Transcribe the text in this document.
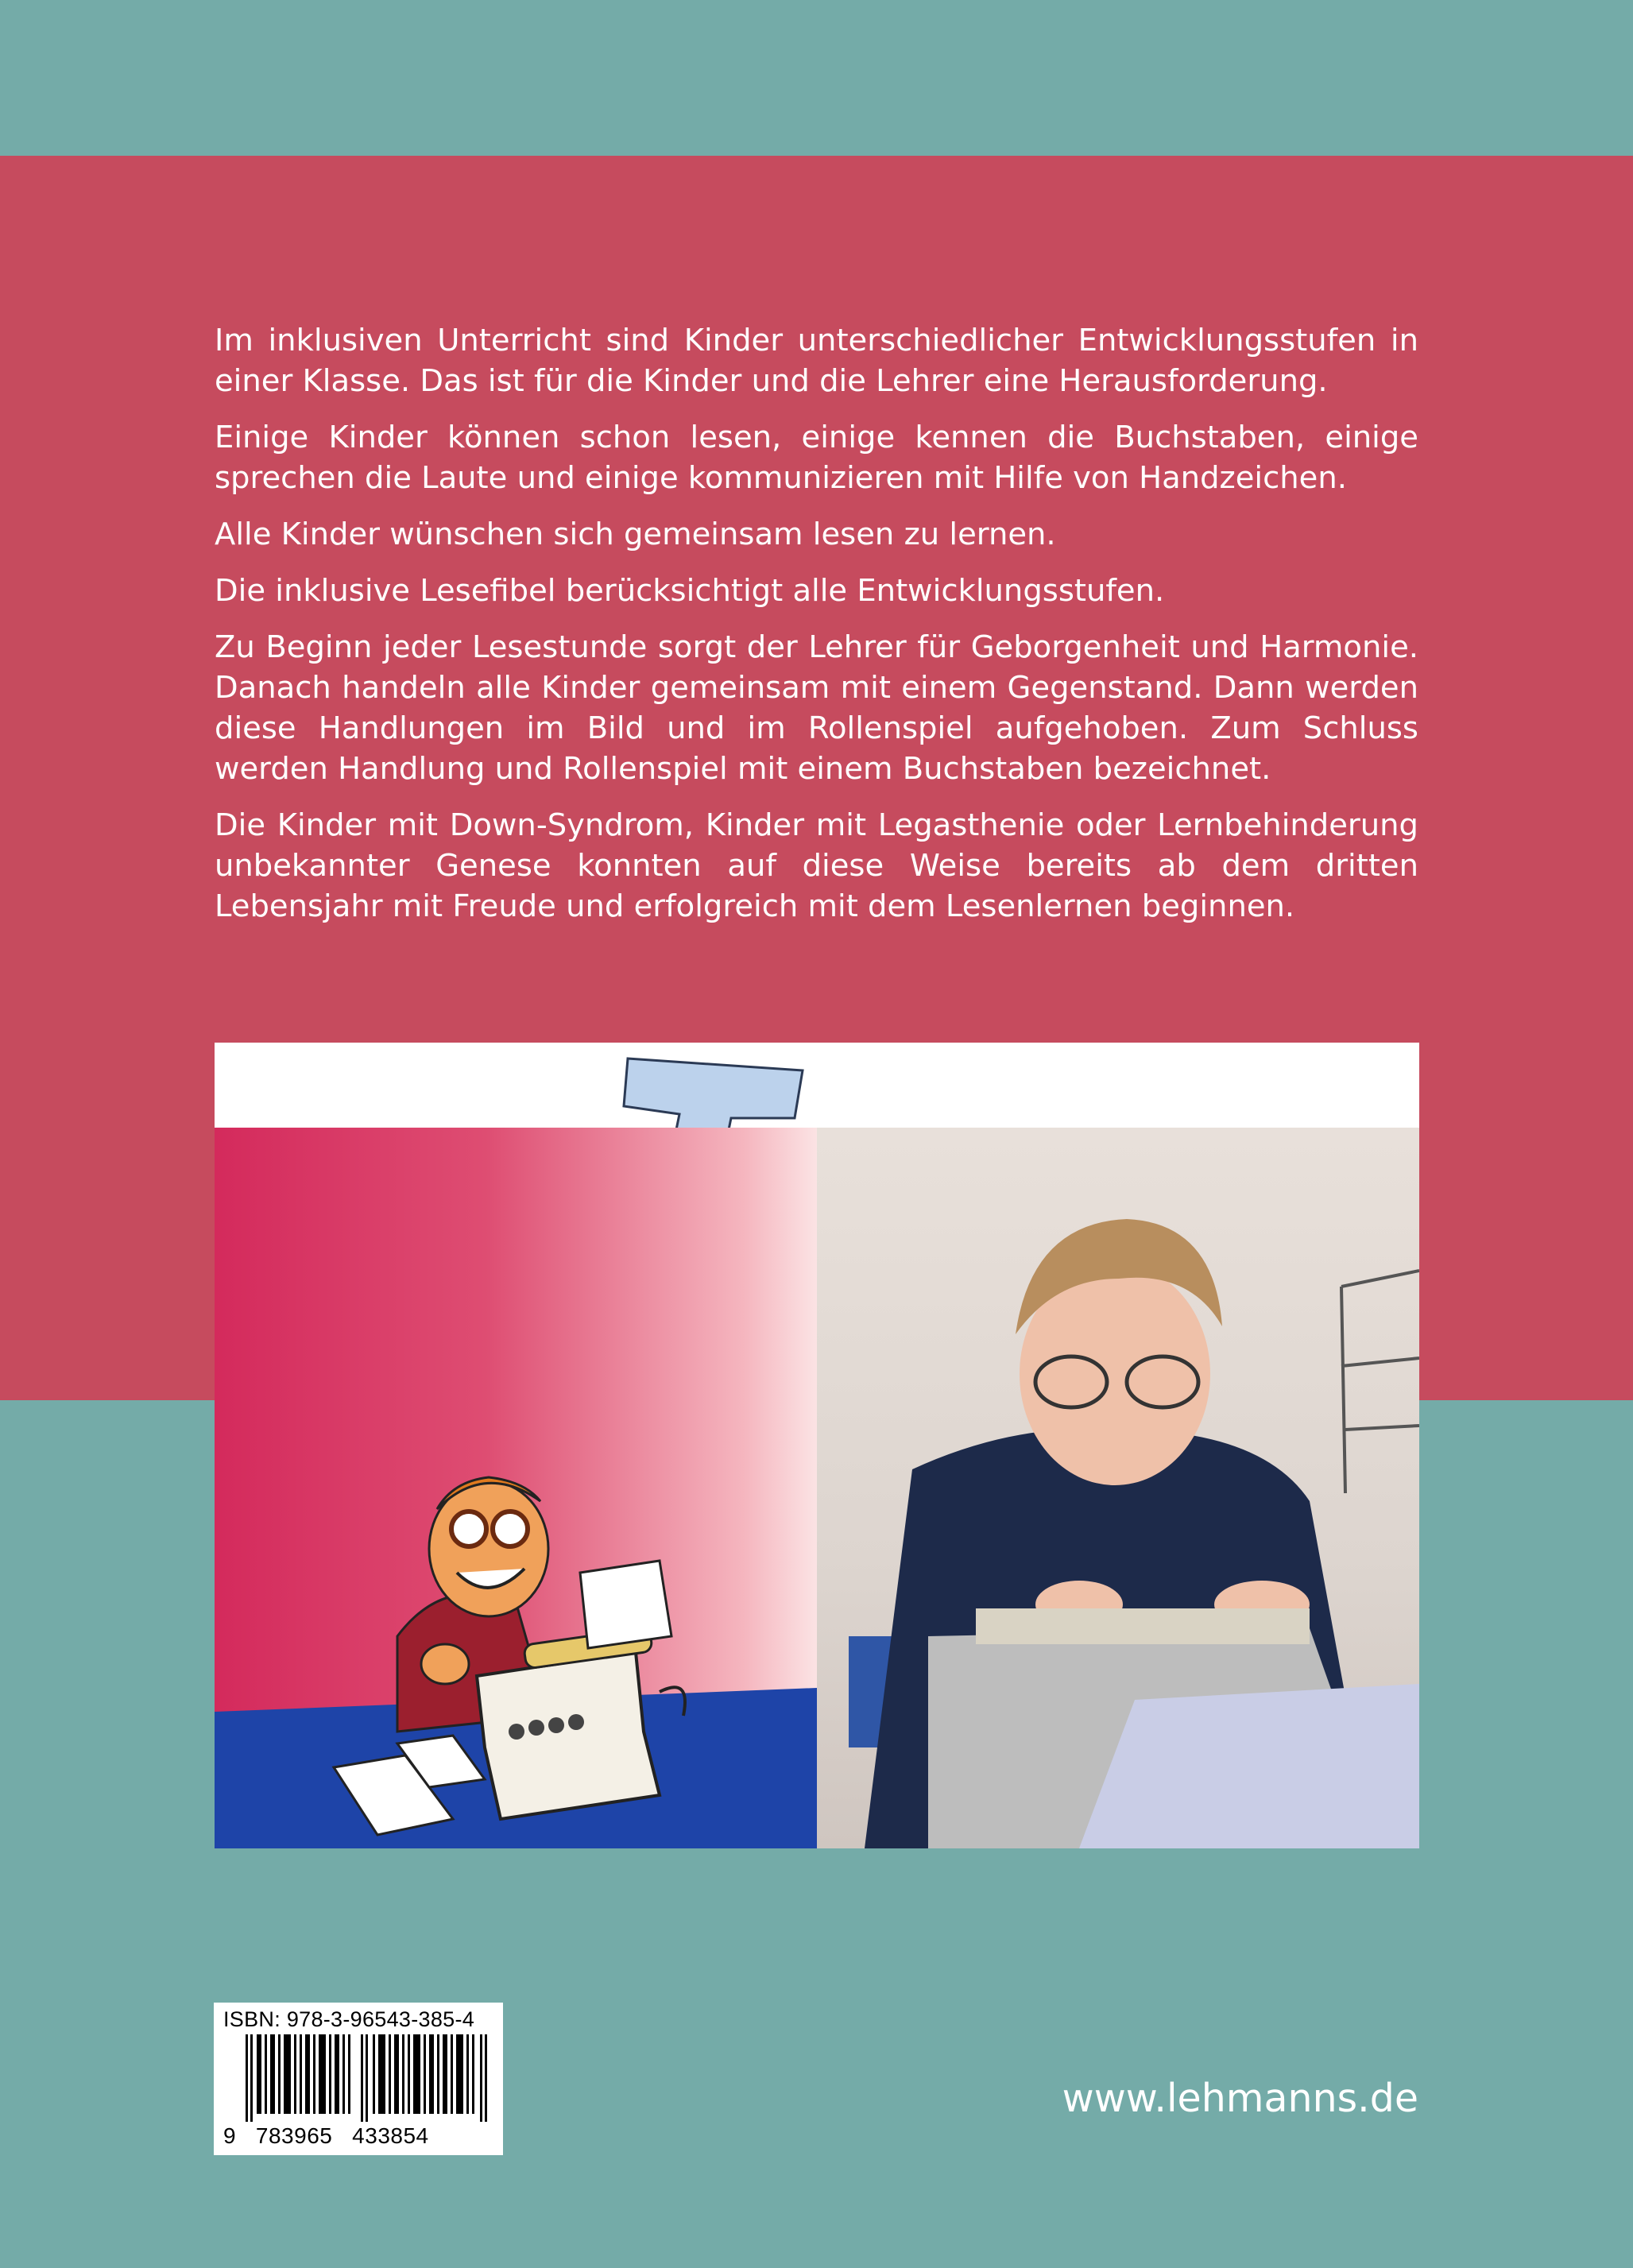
Im inklusiven Unterricht sind Kinder unterschiedlicher Entwicklungsstufen in einer Klasse. Das ist für die Kinder und die Lehrer eine Herausforderung.

Einige Kinder können schon lesen, einige kennen die Buchstaben, einige sprechen die Laute und einige kommunizieren mit Hilfe von Handzeichen.

Alle Kinder wünschen sich gemeinsam lesen zu lernen.

Die inklusive Lesefibel berücksichtigt alle Entwicklungsstufen.

Zu Beginn jeder Lesestunde sorgt der Lehrer für Geborgenheit und Harmonie. Danach handeln alle Kinder gemeinsam mit einem Gegenstand. Dann werden diese Handlungen im Bild und im Rollenspiel aufgehoben. Zum Schluss werden Handlung und Rollenspiel mit einem Buchstaben bezeichnet.

Die Kinder mit Down-Syndrom, Kinder mit Legasthenie oder Lernbehinderung unbekannter Genese konnten auf diese Weise bereits ab dem dritten Lebensjahr mit Freude und erfolgreich mit dem Lesenlernen beginnen.

ISBN: 978-3-96543-385-4
9   783965   433854
www.lehmanns.de
